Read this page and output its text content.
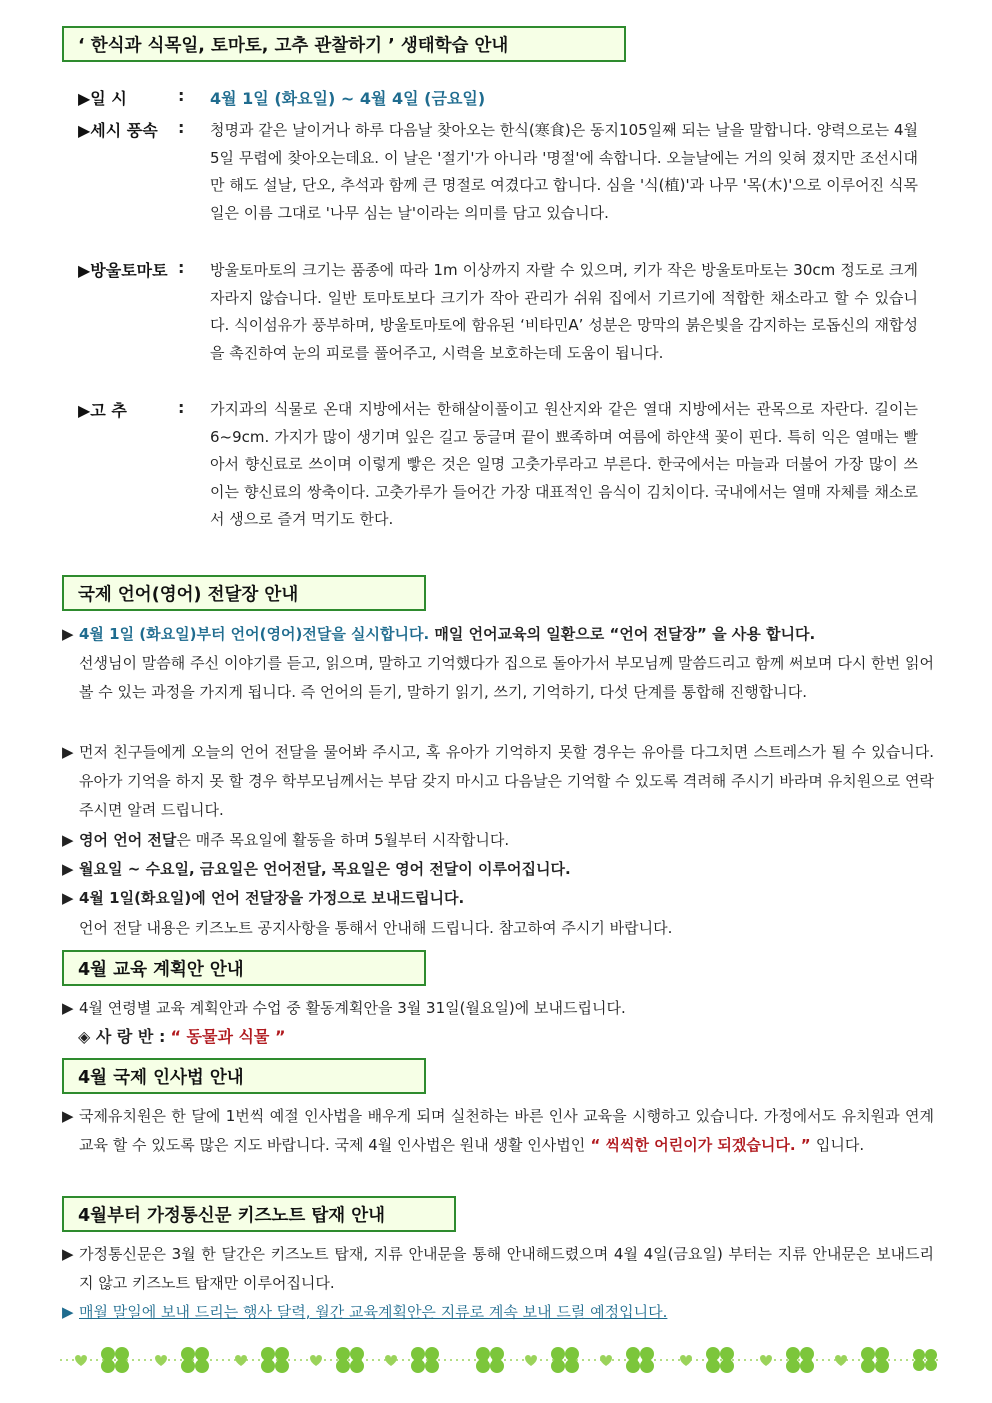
‘ 한식과 식목일, 토마토, 고추 관찰하기 ’ 생태학습 안내
▶일 시	: 4월 1일 (화요일) ~ 4월 4일 (금요일)
▶세시 풍속 : 청명과 같은 날이거나 하루 다음날 찾아오는 한식(寒食)은 동지105일째 되는 날을 말합니다. 양력으로는 4월 5일 무렵에 찾아오는데요. 이 날은 '절기'가 아니라 '명절'에 속합니다. 오늘날에는 거의 잊혀 졌지만 조선시대만 해도 설날, 단오, 추석과 함께 큰 명절로 여겼다고 합니다. 심을 '식(植)'과 나무 '목(木)'으로 이루어진 식목일은 이름 그대로 '나무 심는 날'이라는 의미를 담고 있습니다.
▶방울토마토 : 방울토마토의 크기는 품종에 따라 1m 이상까지 자랄 수 있으며, 키가 작은 방울토마토는 30cm 정도로 크게 자라지 않습니다. 일반 토마토보다 크기가 작아 관리가 쉬워 집에서 기르기에 적합한 채소라고 할 수 있습니다. 식이섬유가 풍부하며, 방울토마토에 함유된 ‘비타민A’ 성분은 망막의 붉은빛을 감지하는 로돕신의 재합성을 촉진하여 눈의 피로를 풀어주고, 시력을 보호하는데 도움이 됩니다.
▶고 추	: 가지과의 식물로 온대 지방에서는 한해살이풀이고 원산지와 같은 열대 지방에서는 관목으로 자란다. 길이는 6~9cm. 가지가 많이 생기며 잎은 길고 둥글며 끝이 뾰족하며 여름에 하얀색 꽃이 핀다. 특히 익은 열매는 빨아서 향신료로 쓰이며 이렇게 빻은 것은 일명 고춧가루라고 부른다. 한국에서는 마늘과 더불어 가장 많이 쓰이는 향신료의 쌍축이다. 고춧가루가 들어간 가장 대표적인 음식이 김치이다. 국내에서는 열매 자체를 채소로서 생으로 즐겨 먹기도 한다.
국제 언어(영어) 전달장 안내
▶ 4월 1일 (화요일)부터 언어(영어)전달을 실시합니다. 매일 언어교육의 일환으로 “언어 전달장” 을 사용 합니다.
선생님이 말씀해 주신 이야기를 듣고, 읽으며, 말하고 기억했다가 집으로 돌아가서 부모님께 말씀드리고 함께 써보며 다시 한번 읽어볼 수 있는 과정을 가지게 됩니다. 즉 언어의 듣기, 말하기 읽기, 쓰기, 기억하기, 다섯 단계를 통합해 진행합니다.
▶ 먼저 친구들에게 오늘의 언어 전달을 물어봐 주시고, 혹 유아가 기억하지 못할 경우는 유아를 다그치면 스트레스가 될 수 있습니다. 유아가 기억을 하지 못 할 경우 학부모님께서는 부담 갖지 마시고 다음날은 기억할 수 있도록 격려해 주시기 바라며 유치원으로 연락 주시면 알려 드립니다.
▶ 영어 언어 전달은 매주 목요일에 활동을 하며 5월부터 시작합니다.
▶ 월요일 ~ 수요일, 금요일은 언어전달, 목요일은 영어 전달이 이루어집니다.
▶ 4월 1일(화요일)에 언어 전달장을 가정으로 보내드립니다.
언어 전달 내용은 키즈노트 공지사항을 통해서 안내해 드립니다. 참고하여 주시기 바랍니다.
4월 교육 계획안 안내
▶ 4월 연령별 교육 계획안과 수업 중 활동계획안을 3월 31일(월요일)에 보내드립니다.
◈ 사 랑 반 : “ 동물과 식물 ”
4월 국제 인사법 안내
▶ 국제유치원은 한 달에 1번씩 예절 인사법을 배우게 되며 실천하는 바른 인사 교육을 시행하고 있습니다. 가정에서도 유치원과 연계교육 할 수 있도록 많은 지도 바랍니다. 국제 4월 인사법은 원내 생활 인사법인 “ 씩씩한 어린이가 되겠습니다. ” 입니다.
4월부터 가정통신문 키즈노트 탑재 안내
▶ 가정통신문은 3월 한 달간은 키즈노트 탑재, 지류 안내문을 통해 안내해드렸으며 4월 4일(금요일) 부터는 지류 안내문은 보내드리지 않고 키즈노트 탑재만 이루어집니다.
▶ 매월 말일에 보내 드리는 행사 달력, 월간 교육계획안은 지류로 계속 보내 드릴 예정입니다.
